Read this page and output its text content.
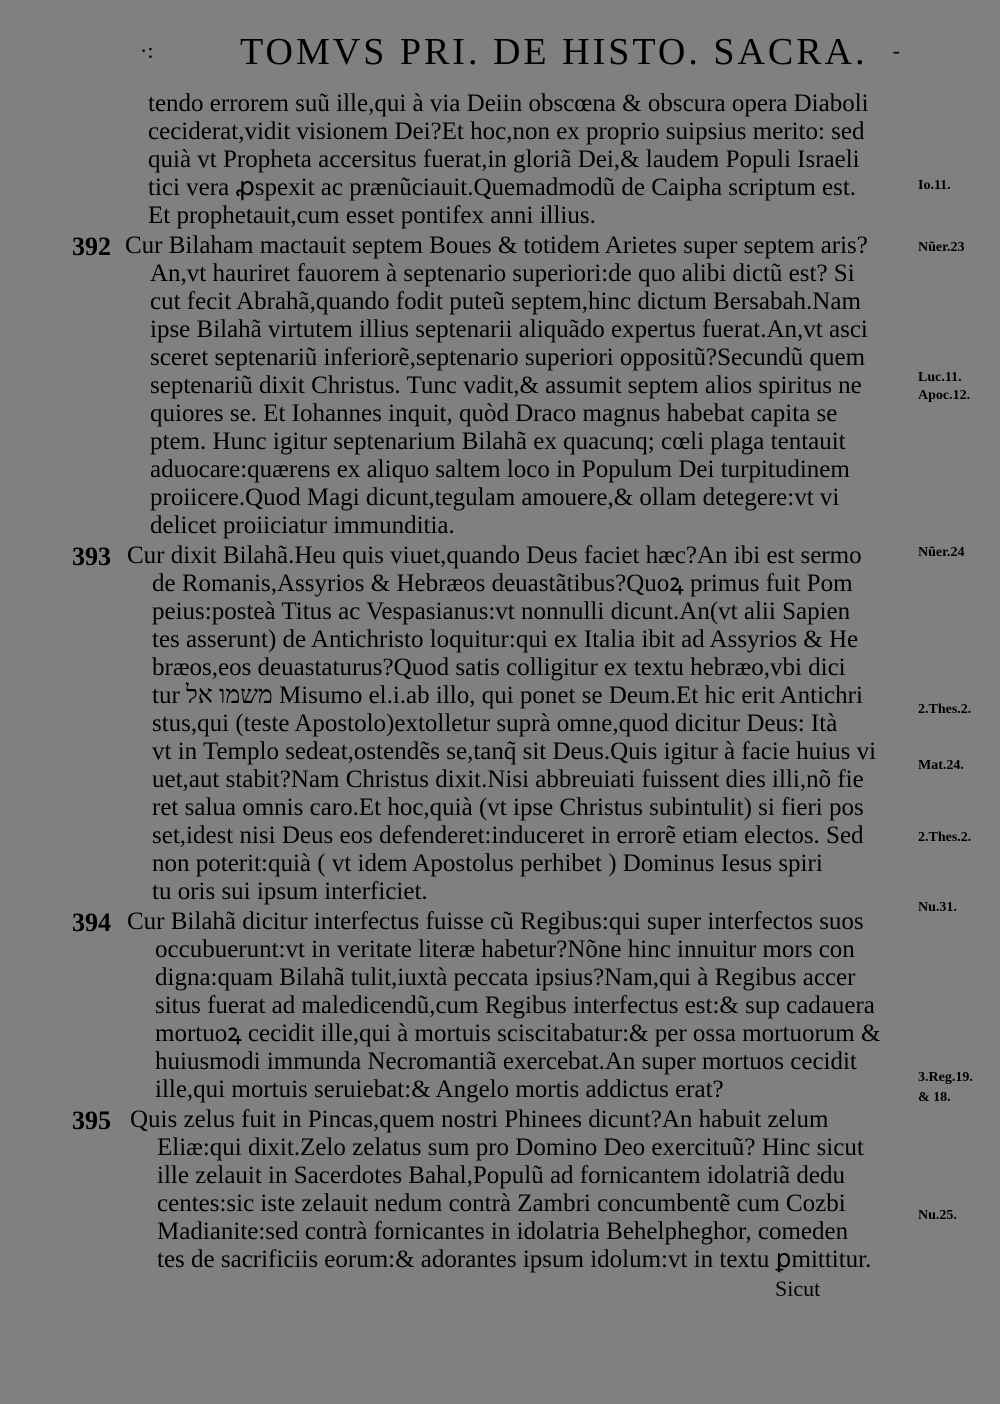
·: TOMVS PRI. DE HISTO. SACRA. -
tendo errorem suũ ille,qui à via Deiin obscœna & obscura opera Diaboli
ceciderat,vidit visionem Dei?Et hoc,non ex proprio suipsius merito: sed
quià vt Propheta accersitus fuerat,in gloriã Dei,& laudem Populi Israeli
tici vera ꝓspexit ac prænũciauit.Quemadmodũ de Caipha scriptum est.
Et prophetauit,cum esset pontifex anni illius.
392 Cur Bilaham mactauit septem Boues & totidem Arietes super septem aris?
An,vt hauriret fauorem à septenario superiori:de quo alibi dictũ est? Si
cut fecit Abrahã,quando fodit puteũ septem,hinc dictum Bersabah.Nam
ipse Bilahã virtutem illius septenarii aliquãdo expertus fuerat.An,vt asci
sceret septenariũ inferiorẽ,septenario superiori oppositũ?Secundũ quem
septenariũ dixit Christus. Tunc vadit,& assumit septem alios spiritus ne
quiores se. Et Iohannes inquit, quòd Draco magnus habebat capita se
ptem. Hunc igitur septenarium Bilahã ex quacunq; cœli plaga tentauit
aduocare:quærens ex aliquo saltem loco in Populum Dei turpitudinem
proiicere.Quod Magi dicunt,tegulam amouere,& ollam detegere:vt vi
delicet proiiciatur immunditia.
393 Cur dixit Bilahã.Heu quis viuet,quando Deus faciet hæc?An ibi est sermo
de Romanis,Assyrios & Hebræos deuastãtibus?Quoꝝ primus fuit Pom
peius:posteà Titus ac Vespasianus:vt nonnulli dicunt.An(vt alii Sapien
tes asserunt) de Antichristo loquitur:qui ex Italia ibit ad Assyrios & He
bræos,eos deuastaturus?Quod satis colligitur ex textu hebræo,vbi dici
tur משמו אל Misumo el.i.ab illo, qui ponet se Deum.Et hic erit Antichri
stus,qui (teste Apostolo)extolletur suprà omne,quod dicitur Deus: Ità
vt in Templo sedeat,ostendẽs se,tanq̃ sit Deus.Quis igitur à facie huius vi
uet,aut stabit?Nam Christus dixit.Nisi abbreuiati fuissent dies illi,nõ fie
ret salua omnis caro.Et hoc,quià (vt ipse Christus subintulit) si fieri pos
set,idest nisi Deus eos defenderet:induceret in errorẽ etiam electos. Sed
non poterit:quià ( vt idem Apostolus perhibet ) Dominus Iesus spiri
tu oris sui ipsum interficiet.
394 Cur Bilahã dicitur interfectus fuisse cũ Regibus:qui super interfectos suos
occubuerunt:vt in veritate literæ habetur?Nõne hinc innuitur mors con
digna:quam Bilahã tulit,iuxtà peccata ipsius?Nam,qui à Regibus accer
situs fuerat ad maledicendũ,cum Regibus interfectus est:& sup cadauera
mortuoꝝ cecidit ille,qui à mortuis sciscitabatur:& per ossa mortuorum &
huiusmodi immunda Necromantiã exercebat.An super mortuos cecidit
ille,qui mortuis seruiebat:& Angelo mortis addictus erat?
395 Quis zelus fuit in Pincas,quem nostri Phinees dicunt?An habuit zelum
Eliæ:qui dixit.Zelo zelatus sum pro Domino Deo exercituũ? Hinc sicut
ille zelauit in Sacerdotes Bahal,Populũ ad fornicantem idolatriã dedu
centes:sic iste zelauit nedum contrà Zambri concumbentẽ cum Cozbi
Madianite:sed contrà fornicantes in idolatria Behelpheghor, comeden
tes de sacrificiis eorum:& adorantes ipsum idolum:vt in textu ꝑmittitur.
Sicut
Io.11.
Nũer.23
Luc.11.
Apoc.12.
Nũer.24
2.Thes.2.
Mat.24.
2.Thes.2.
Nu.31.
3.Reg.19.
& 18.
Nu.25.
